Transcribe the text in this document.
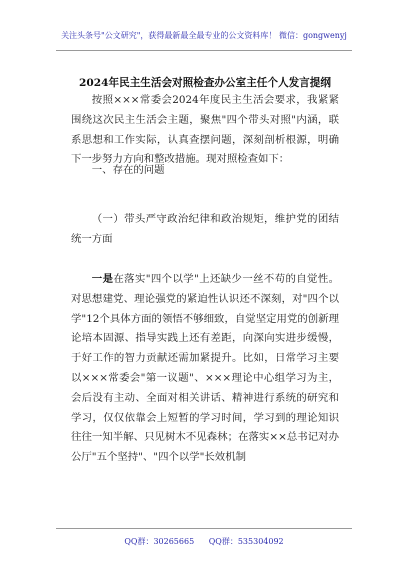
关注头条号"公文研究"，获得最新最全最专业的公文资料库！ 微信：gongwenyj
2024年民主生活会对照检查办公室主任个人发言提纲

按照×××常委会2024年度民主生活会要求，我紧紧围绕这次民主生活会主题，聚焦"四个带头对照"内涵，联系思想和工作实际，认真查摆问题，深刻剖析根源，明确下一步努力方向和整改措施。现对照检查如下：

一、存在的问题

（一）带头严守政治纪律和政治规矩，维护党的团结统一方面

一是在落实"四个以学"上还缺少一丝不苟的自觉性。对思想建党、理论强党的紧迫性认识还不深刻，对"四个以学"12个具体方面的领悟不够细致，自觉坚定用党的创新理论培本固源、指导实践上还有差距，向深向实进步缓慢，于好工作的智力贡献还需加紧提升。比如，日常学习主要以×××常委会"第一议题"、×××理论中心组学习为主，会后没有主动、全面对相关讲话、精神进行系统的研究和学习，仅仅依靠会上短暂的学习时间，学习到的理论知识往往一知半解、只见树木不见森林；在落实××总书记对办公厅"五个坚持"、"四个以学"长效机制

QQ群：30265665 QQ群：535304092
